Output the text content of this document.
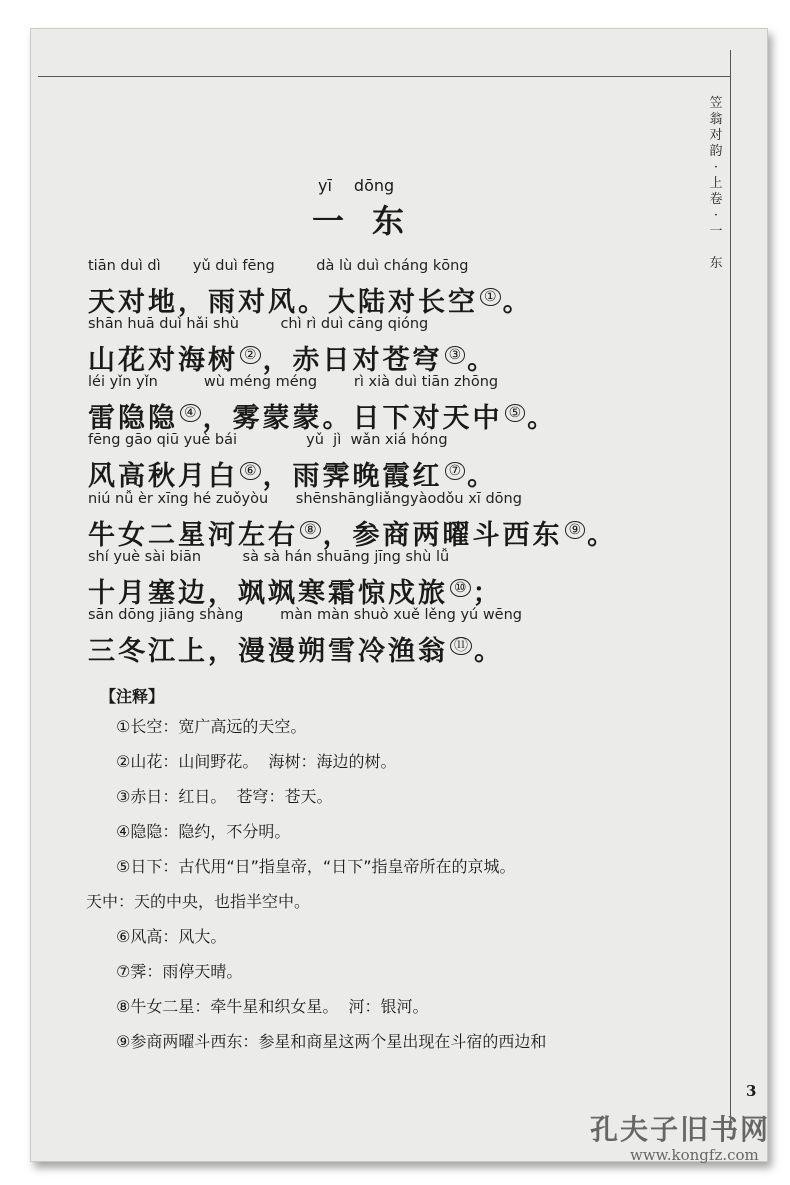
笠
翁
对
韵
·
上
卷
·
一

东
yī dōng
一东
tiān duì dì       yǔ duì fēng         dà lù duì cháng kōng
天对地，雨对风。大陆对长空 ① 。
shān huā duì hǎi shù         chì rì duì cāng qióng
山花对海树 ② ，赤日对苍穹 ③ 。
léi yǐn yǐn          wù méng méng        rì xià duì tiān zhōng
雷隐隐 ④ ，雾蒙蒙。日下对天中 ⑤ 。
fēng gāo qiū yuè bái               yǔ  jì  wǎn xiá hóng
风高秋月白 ⑥ ，雨霁晚霞红 ⑦ 。
niú nǚ èr xīng hé zuǒyòu      shēnshāngliǎngyàodǒu xī dōng
牛女二星河左右 ⑧ ，参商两曜斗西东 ⑨ 。
shí yuè sài biān         sà sà hán shuāng jīng shù lǚ
十月塞边，飒飒寒霜惊戍旅 ⑩ ；
sān dōng jiāng shàng        màn màn shuò xuě lěng yú wēng
三冬江上，漫漫朔雪冷渔翁 ⑪ 。
【注释】
①长空：宽广高远的天空。
②山花：山间野花。  海树：海边的树。
③赤日：红日。  苍穹：苍天。
④隐隐：隐约，不分明。
⑤日下：古代用“日”指皇帝，“日下”指皇帝所在的京城。
天中：天的中央，也指半空中。
⑥风高：风大。
⑦霁：雨停天晴。
⑧牛女二星：牵牛星和织女星。  河：银河。
⑨参商两曜斗西东：参星和商星这两个星出现在斗宿的西边和
3
孔夫子旧书网
www.kongfz.com
